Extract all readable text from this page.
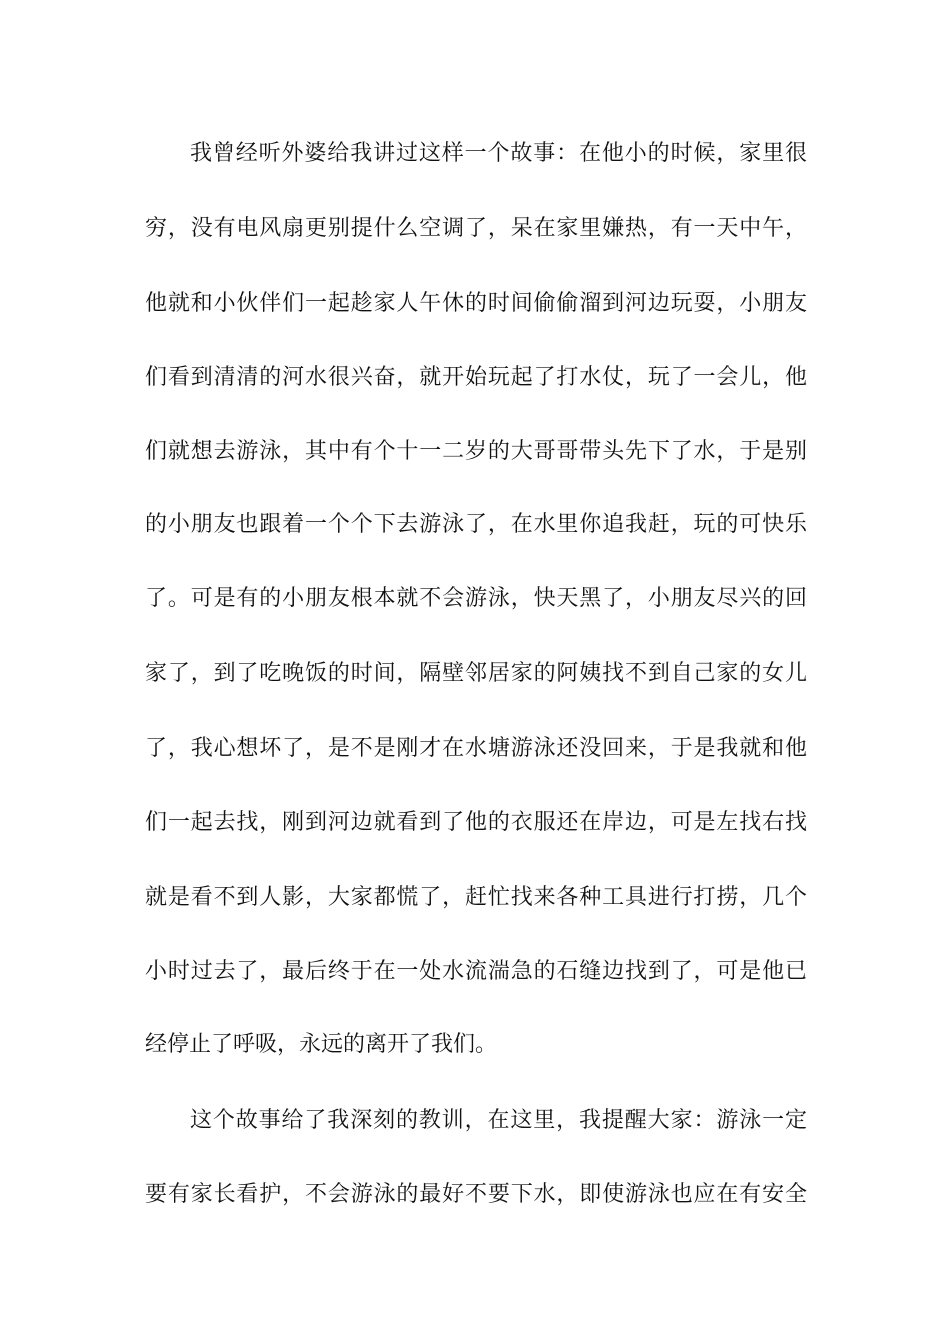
我曾经听外婆给我讲过这样一个故事：在他小的时候，家里很
穷，没有电风扇更别提什么空调了，呆在家里嫌热，有一天中午，
他就和小伙伴们一起趁家人午休的时间偷偷溜到河边玩耍，小朋友
们看到清清的河水很兴奋，就开始玩起了打水仗，玩了一会儿，他
们就想去游泳，其中有个十一二岁的大哥哥带头先下了水，于是别
的小朋友也跟着一个个下去游泳了，在水里你追我赶，玩的可快乐
了。可是有的小朋友根本就不会游泳，快天黑了，小朋友尽兴的回
家了，到了吃晚饭的时间，隔壁邻居家的阿姨找不到自己家的女儿
了，我心想坏了，是不是刚才在水塘游泳还没回来，于是我就和他
们一起去找，刚到河边就看到了他的衣服还在岸边，可是左找右找
就是看不到人影，大家都慌了，赶忙找来各种工具进行打捞，几个
小时过去了，最后终于在一处水流湍急的石缝边找到了，可是他已
经停止了呼吸，永远的离开了我们。
这个故事给了我深刻的教训，在这里，我提醒大家：游泳一定
要有家长看护，不会游泳的最好不要下水，即使游泳也应在有安全
